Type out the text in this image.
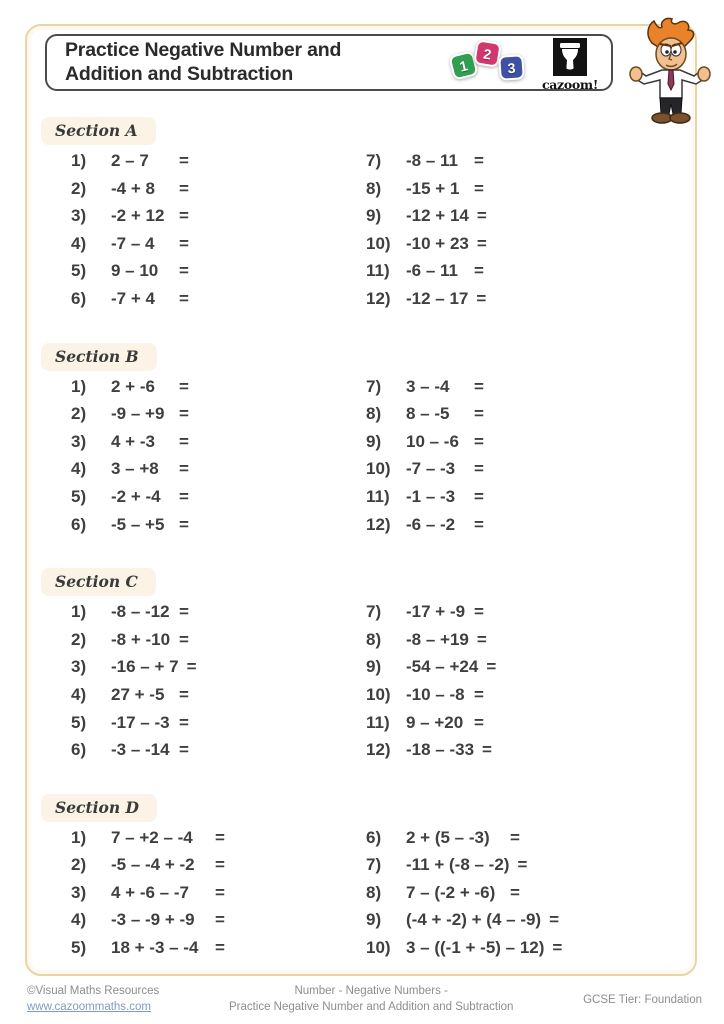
Practice Negative Number and
Addition and Subtraction	1
2
3
cazoom!
Section A
1)	2 – 7	=
2)	-4 + 8	=
3)	-2 + 12 =
4)	-7 – 4	=
5)	9 – 10	=
6)	-7 + 4	=
7)	-8 – 11 =
8)	-15 + 1 =
9)	-12 + 14 =
10) -10 + 23 =
11) -6 – 11 =
12) -12 – 17 =
Section B
1)	2 + -6	=
2)	-9 – +9 =
3)	4 + -3	=
4)	3 – +8	=
5)	-2 + -4	=
6)	-5 – +5 =
7)	3 – -4	=
8)	8 – -5	=
9)	10 – -6 =
10) -7 – -3	=
11) -1 – -3	=
12) -6 – -2	=
Section C
1)	-8 – -12 =
2)	-8 + -10 =
3)	-16 – + 7 =
4)	27 + -5 =
5)	-17 – -3 =
6)	-3 – -14 =
7)	-17 + -9 =
8)	-8 – +19 =
9)	-54 – +24 =
10) -10 – -8 =
11) 9 – +20 =
12) -18 – -33 =
Section D
1)	7 – +2 – -4	=
2)	-5 – -4 + -2	=
3)	4 + -6 – -7	=
4)	-3 – -9 + -9	=
5)	18 + -3 – -4 =
6)	2 + (5 – -3)	=
7)	-11 + (-8 – -2) =
8)	7 – (-2 + -6) =
9)	(-4 + -2) + (4 – -9) =
10) 3 – ((-1 + -5) – 12) =
©Visual Maths Resources
www.cazoommaths.com
Number - Negative Numbers -
Practice Negative Number and Addition and Subtraction
GCSE Tier: Foundation
